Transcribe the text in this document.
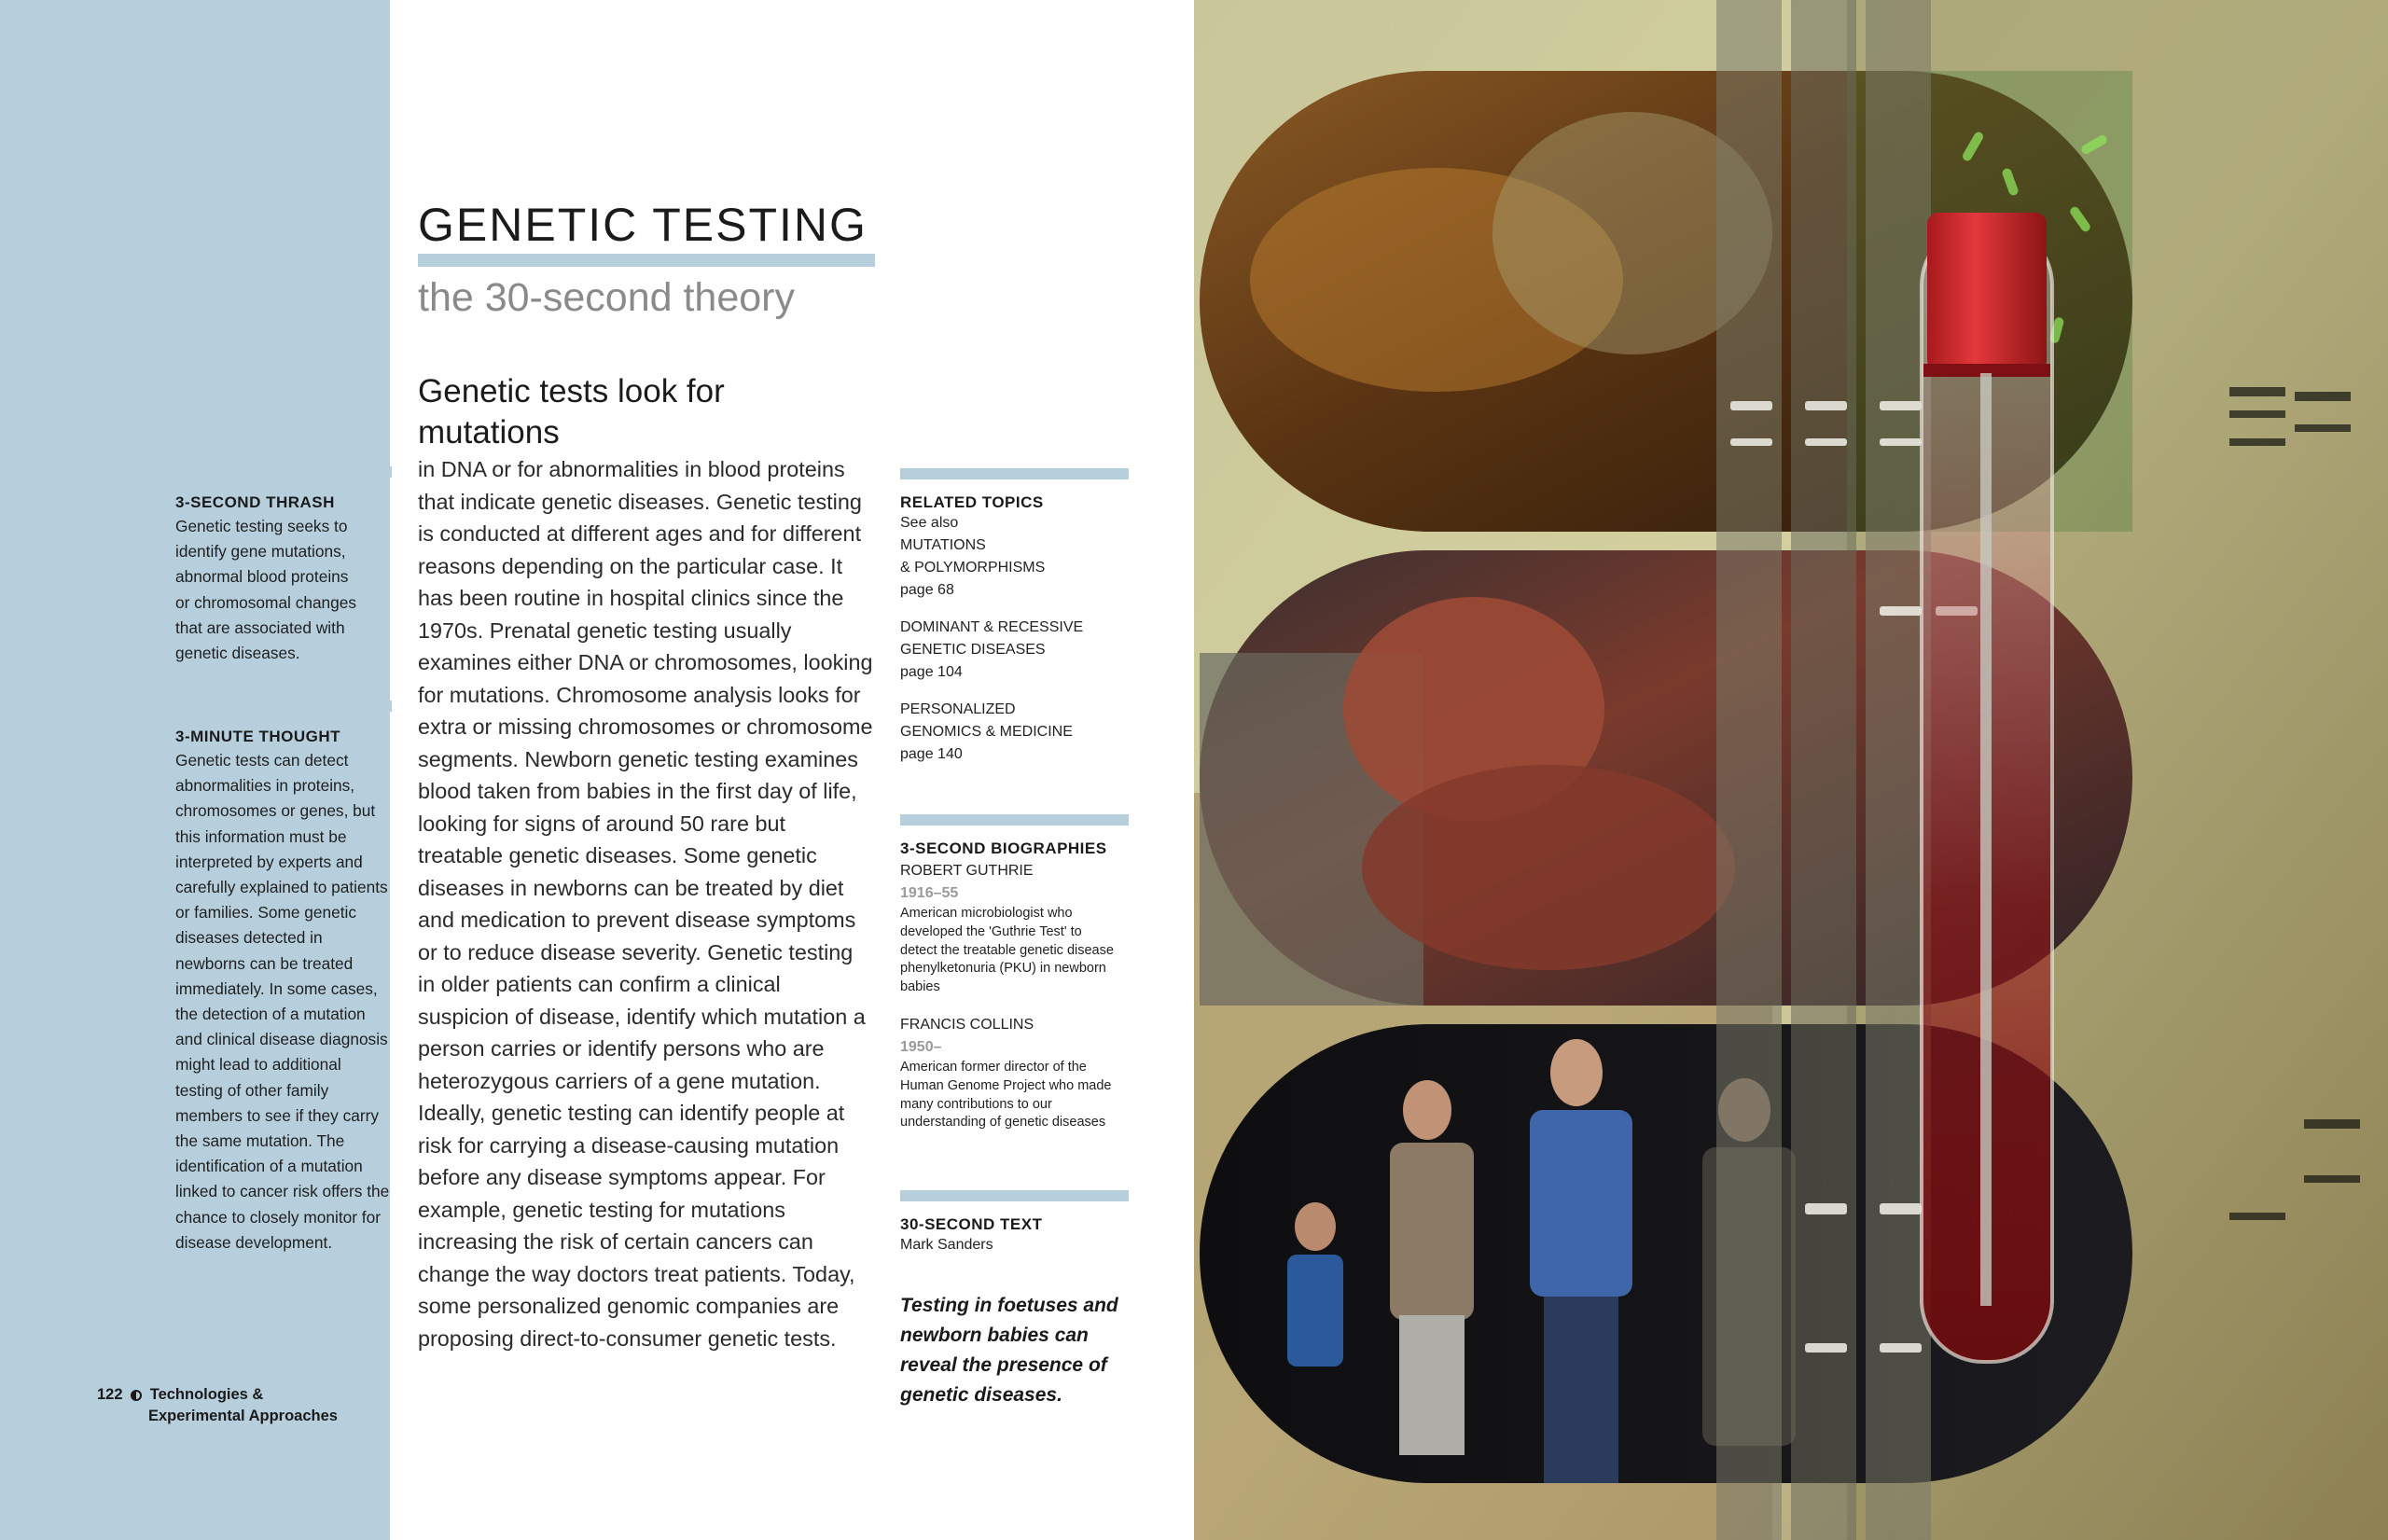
3-SECOND THRASH
Genetic testing seeks to identify gene mutations, abnormal blood proteins or chromosomal changes that are associated with genetic diseases.
3-MINUTE THOUGHT
Genetic tests can detect abnormalities in proteins, chromosomes or genes, but this information must be interpreted by experts and carefully explained to patients or families. Some genetic diseases detected in newborns can be treated immediately. In some cases, the detection of a mutation and clinical disease diagnosis might lead to additional testing of other family members to see if they carry the same mutation. The identification of a mutation linked to cancer risk offers the chance to closely monitor for disease development.
GENETIC TESTING
the 30-second theory
Genetic tests look for mutations
in DNA or for abnormalities in blood proteins that indicate genetic diseases. Genetic testing is conducted at different ages and for different reasons depending on the particular case. It has been routine in hospital clinics since the 1970s. Prenatal genetic testing usually examines either DNA or chromosomes, looking for mutations. Chromosome analysis looks for extra or missing chromosomes or chromosome segments. Newborn genetic testing examines blood taken from babies in the first day of life, looking for signs of around 50 rare but treatable genetic diseases. Some genetic diseases in newborns can be treated by diet and medication to prevent disease symptoms or to reduce disease severity. Genetic testing in older patients can confirm a clinical suspicion of disease, identify which mutation a person carries or identify persons who are heterozygous carriers of a gene mutation. Ideally, genetic testing can identify people at risk for carrying a disease-causing mutation before any disease symptoms appear. For example, genetic testing for mutations increasing the risk of certain cancers can change the way doctors treat patients. Today, some personalized genomic companies are proposing direct-to-consumer genetic tests.
RELATED TOPICS
See also
MUTATIONS
& POLYMORPHISMS
page 68
DOMINANT & RECESSIVE
GENETIC DISEASES
page 104
PERSONALIZED
GENOMICS & MEDICINE
page 140
3-SECOND BIOGRAPHIES
ROBERT GUTHRIE
1916–55
American microbiologist who developed the 'Guthrie Test' to detect the treatable genetic disease phenylketonuria (PKU) in newborn babies
FRANCIS COLLINS
1950–
American former director of the Human Genome Project who made many contributions to our understanding of genetic diseases
30-SECOND TEXT
Mark Sanders
Testing in foetuses and newborn babies can reveal the presence of genetic diseases.
122 Technologies &
Experimental Approaches
